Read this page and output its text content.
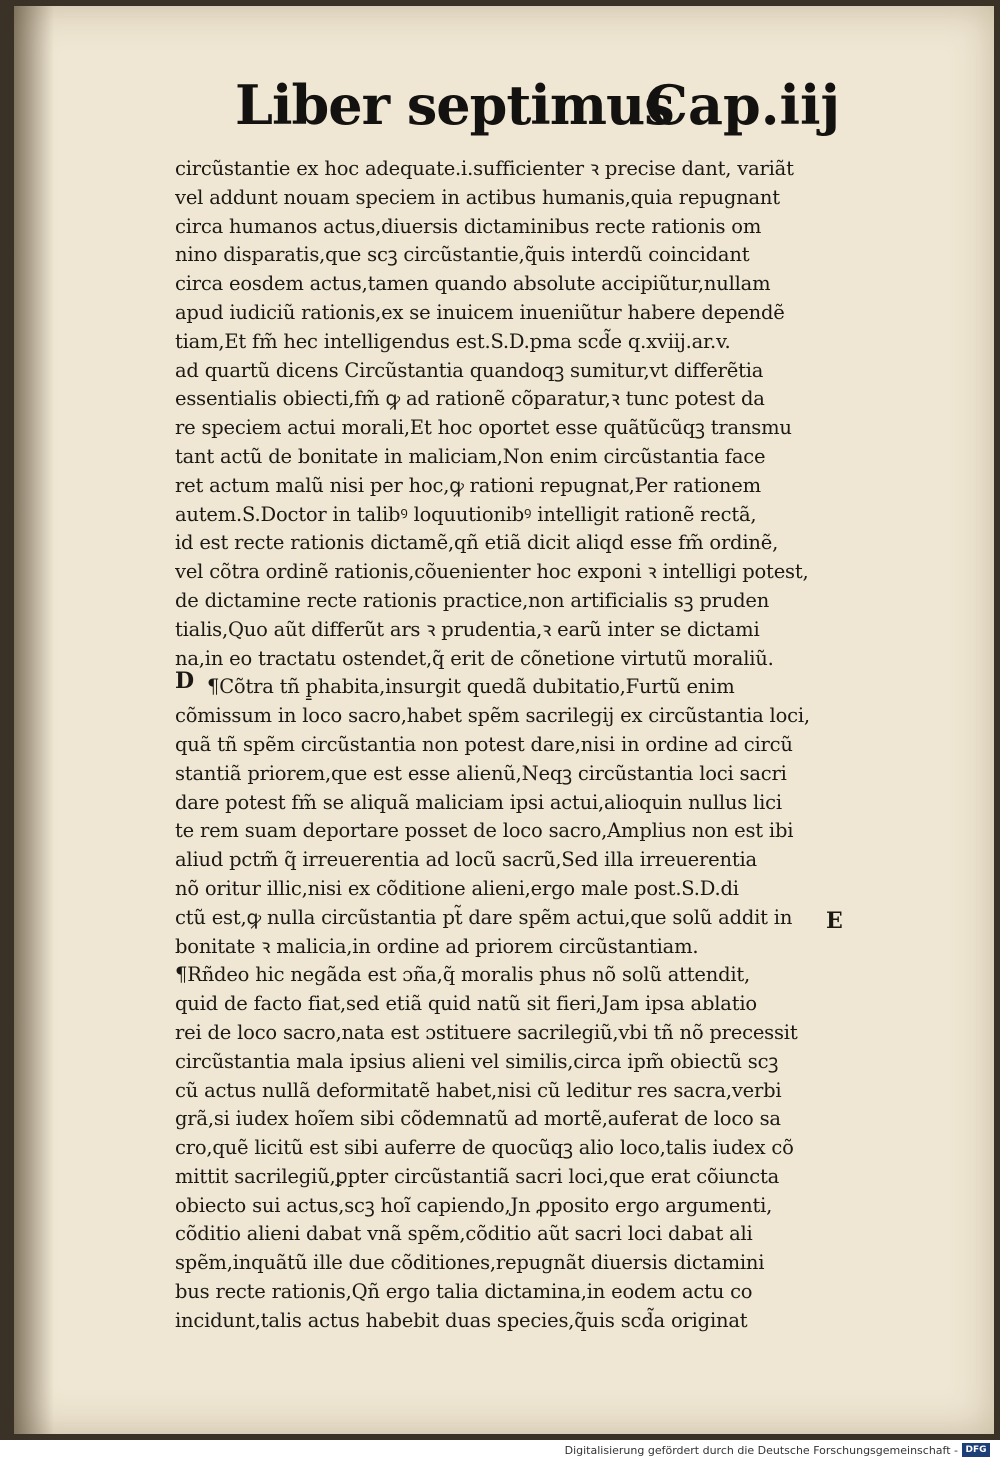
Liber septimus
Cap.iij
circũstantie ex hoc adequate.i.sufficienter ꝛ precise dant, variãt
vel addunt nouam speciem in actibus humanis,quia repugnant
circa humanos actus,diuersis dictaminibus recte rationis om
nino disparatis,que scꝫ circũstantie,q̃uis interdũ coincidant
circa eosdem actus,tamen quando absolute accipiũtur,nullam
apud iudiciũ rationis,ex se inuicem inueniũtur habere dependẽ
tiam,Et fm̃ hec intelligendus est.S.D.pma scd̃e q.xviij.ar.v.
ad quartũ dicens Circũstantia quandoqꝫ sumitur,vt differẽtia
essentialis obiecti,fm̃ ꝙ ad rationẽ cõparatur,ꝛ tunc potest da
re speciem actui morali,Et hoc oportet esse quãtũcũqꝫ transmu
tant actũ de bonitate in maliciam,Non enim circũstantia face
ret actum malũ nisi per hoc,ꝙ rationi repugnat,Per rationem
autem.S.Doctor in talibꝰ loquutionibꝰ intelligit rationẽ rectã,
id est recte rationis dictamẽ,qñ etiã dicit aliqd esse fm̃ ordinẽ,
vel cõtra ordinẽ rationis,cõuenienter hoc exponi ꝛ intelligi potest,
de dictamine recte rationis practice,non artificialis sꝫ pruden
tialis,Quo aũt differũt ars ꝛ prudentia,ꝛ earũ inter se dictami
na,in eo tractatu ostendet,q̃ erit de cõnetione virtutũ moraliũ.
¶Cõtra tñ p̱habita,insurgit quedã dubitatio,Furtũ enim
cõmissum in loco sacro,habet spẽm sacrilegij ex circũstantia loci,
quã tñ spẽm circũstantia non potest dare,nisi in ordine ad circũ
stantiã priorem,que est esse alienũ,Neqꝫ circũstantia loci sacri
dare potest fm̃ se aliquã maliciam ipsi actui,alioquin nullus lici
te rem suam deportare posset de loco sacro,Amplius non est ibi
aliud pctm̃ q̃ irreuerentia ad locũ sacrũ,Sed illa irreuerentia
nõ oritur illic,nisi ex cõditione alieni,ergo male post.S.D.di
ctũ est,ꝙ nulla circũstantia pt̃ dare spẽm actui,que solũ addit in
bonitate ꝛ malicia,in ordine ad priorem circũstantiam.
¶Rñdeo hic negãda est ɔña,q̃ moralis phus nõ solũ attendit,
quid de facto fiat,sed etiã quid natũ sit fieri,Jam ipsa ablatio
rei de loco sacro,nata est ɔstituere sacrilegiũ,vbi tñ nõ precessit
circũstantia mala ipsius alieni vel similis,circa ipm̃ obiectũ scꝫ
cũ actus nullã deformitatẽ habet,nisi cũ leditur res sacra,verbi
grã,si iudex hoĩem sibi cõdemnatũ ad mortẽ,auferat de loco sa
cro,quẽ licitũ est sibi auferre de quocũqꝫ alio loco,talis iudex cõ
mittit sacrilegiũ,ꝑpter circũstantiã sacri loci,que erat cõiuncta
obiecto sui actus,scꝫ hoĩ capiendo,Jn ꝓposito ergo argumenti,
cõditio alieni dabat vnã spẽm,cõditio aũt sacri loci dabat ali
spẽm,inquãtũ ille due cõditiones,repugnãt diuersis dictamini
bus recte rationis,Qñ ergo talia dictamina,in eodem actu co
incidunt,talis actus habebit duas species,q̃uis scd̃a originat
D
E
Digitalisierung gefördert durch die Deutsche Forschungsgemeinschaft - DFG
